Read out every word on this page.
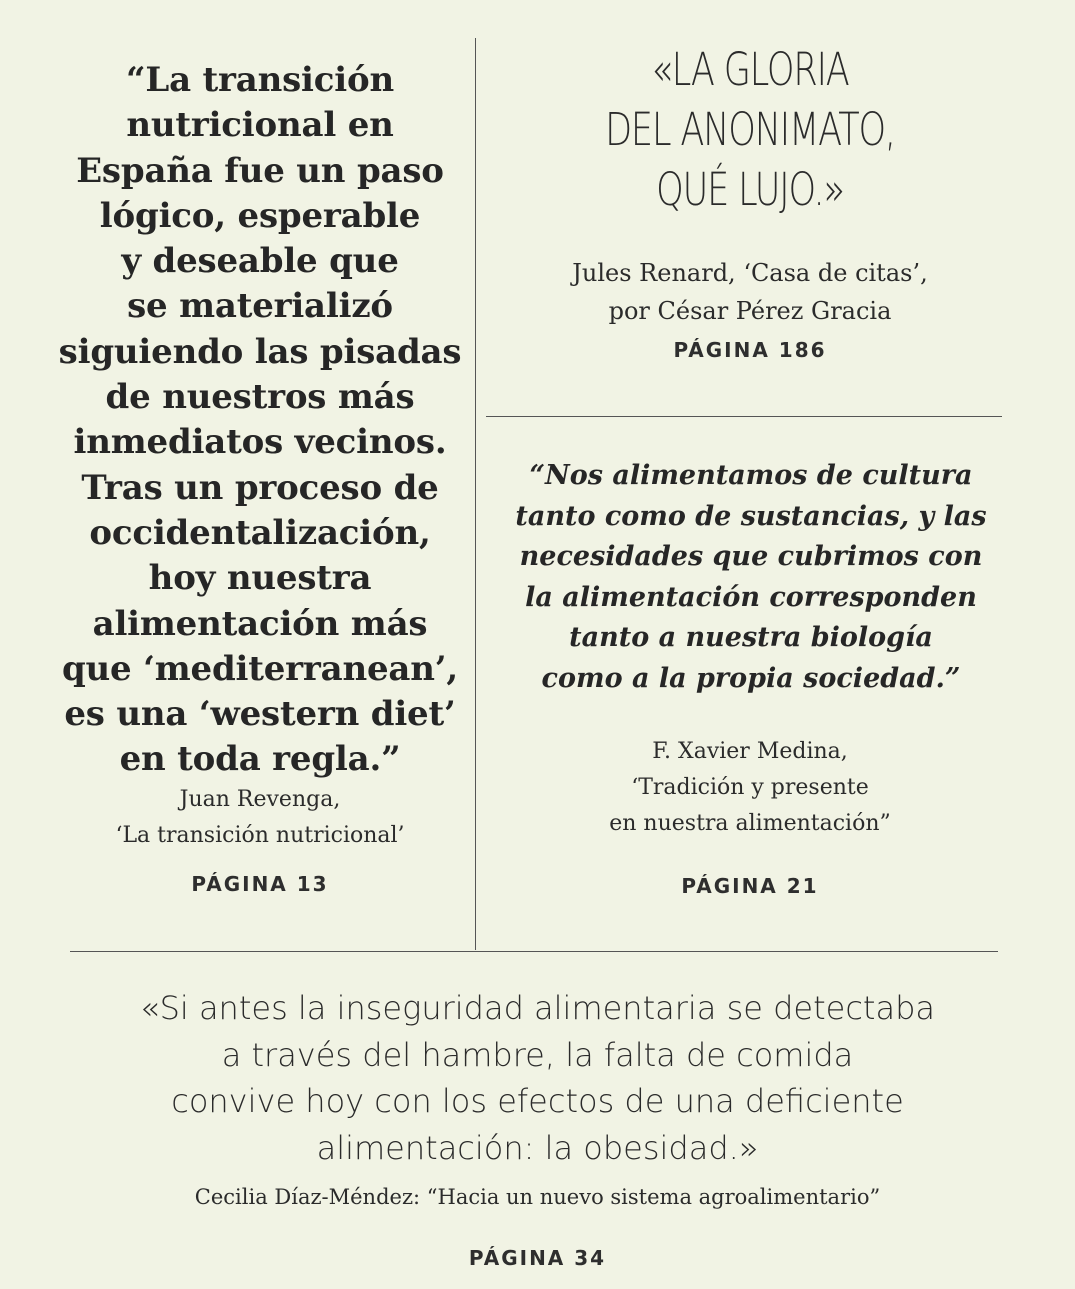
“La transición
nutricional en
España fue un paso
lógico, esperable
y deseable que
se materializó
siguiendo las pisadas
de nuestros más
inmediatos vecinos.
Tras un proceso de
occidentalización,
hoy nuestra
alimentación más
que ‘mediterranean’,
es una ‘western diet’
en toda regla.”
Juan Revenga,
‘La transición nutricional’
PÁGINA 13
«LA GLORIA
DEL ANONIMATO,
QUÉ LUJO.»
Jules Renard, ‘Casa de citas’,
por César Pérez Gracia
PÁGINA 186
“Nos alimentamos de cultura
tanto como de sustancias, y las
necesidades que cubrimos con
la alimentación corresponden
tanto a nuestra biología
como a la propia sociedad.”
F. Xavier Medina,
‘Tradición y presente
en nuestra alimentación”
PÁGINA 21
«Si antes la inseguridad alimentaria se detectaba
a través del hambre, la falta de comida
convive hoy con los efectos de una deficiente
alimentación: la obesidad.»
Cecilia Díaz-Méndez: “Hacia un nuevo sistema agroalimentario”
PÁGINA 34
